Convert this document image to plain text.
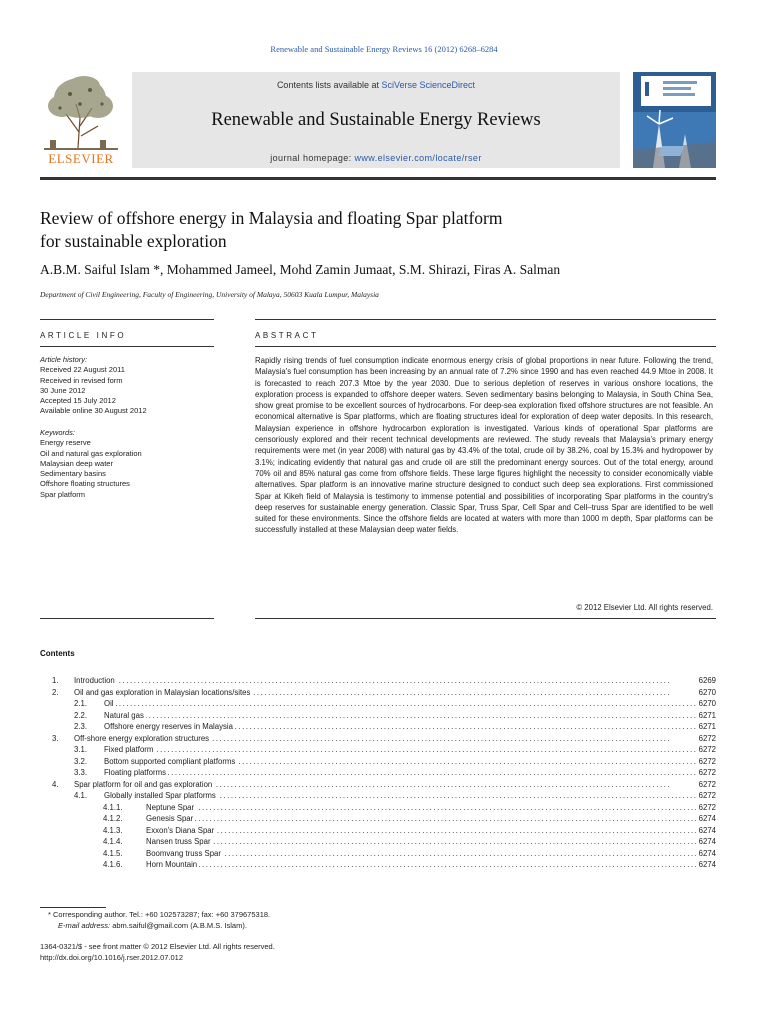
Renewable and Sustainable Energy Reviews 16 (2012) 6268–6284
ELSEVIER
Contents lists available at SciVerse ScienceDirect
Renewable and Sustainable Energy Reviews
journal homepage: www.elsevier.com/locate/rser
Review of offshore energy in Malaysia and floating Spar platform
for sustainable exploration
A.B.M. Saiful Islam *, Mohammed Jameel, Mohd Zamin Jumaat, S.M. Shirazi, Firas A. Salman
Department of Civil Engineering, Faculty of Engineering, University of Malaya, 50603 Kuala Lumpur, Malaysia
ARTICLE INFO	ABSTRACT
Article history:
Received 22 August 2011
Received in revised form
30 June 2012
Accepted 15 July 2012
Available online 30 August 2012
Keywords:
Energy reserve
Oil and natural gas exploration
Malaysian deep water
Sedimentary basins
Offshore floating structures
Spar platform
Rapidly rising trends of fuel consumption indicate enormous energy crisis of global proportions in near future. Following the trend, Malaysia's fuel consumption has been increasing by an annual rate of 7.2% since 1990 and has even reached 44.9 Mtoe in 2008. It is forecasted to reach 207.3 Mtoe by the year 2030. Due to serious depletion of reserves in various onshore locations, the exploration process is expanded to offshore deeper waters. Seven sedimentary basins belonging to Malaysia, in South China Sea, show great promise to be excellent sources of hydrocarbons. For deep-sea exploration fixed offshore structures are not feasible. An economical alternative is Spar platforms, which are floating structures ideal for exploration of deep water deposits. In this research, Malaysian experience in offshore hydrocarbon exploration is investigated. Various kinds of operational Spar platforms are censoriously explored and their recent technical developments are reviewed. The study reveals that Malaysia's primary energy requirements were met (in year 2008) with natural gas by 43.4% of the total, crude oil by 38.2%, coal by 15.3% and hydropower by 3.1%; indicating evidently that natural gas and crude oil are still the predominant energy sources. Out of the total energy, around 70% oil and 85% natural gas come from offshore fields. These large figures highlight the necessity to consider economically viable alternatives. Spar platform is an innovative marine structure designed to conduct such deep sea explorations. First commissioned Spar at Kikeh field of Malaysia is testimony to immense potential and possibilities of incorporating Spar platforms in the country's deep reserves for sustainable energy generation. Classic Spar, Truss Spar, Cell Spar and Cell–truss Spar are identified to be well suited for these environments. Since the offshore fields are located at waters with more than 1000 m depth, Spar platforms can be successfully installed at these Malaysian deep water fields.
© 2012 Elsevier Ltd. All rights reserved.
Contents
1. Introduction . . .	6269
2. Oil and gas exploration in Malaysian locations/sites . . .	6270
2.1. Oil . . .	6270
2.2. Natural gas . . .	6271
2.3. Offshore energy reserves in Malaysia . . .	6271
3. Off-shore energy exploration structures . . .	6272
3.1. Fixed platform . . .	6272
3.2. Bottom supported compliant platforms . . .	6272
3.3. Floating platforms . . .	6272
4. Spar platform for oil and gas exploration . . .	6272
4.1. Globally installed Spar platforms . . .	6272
4.1.1.	Neptune Spar . . .	6272
4.1.2.	Genesis Spar . . .	6274
4.1.3.	Exxon's Diana Spar . . .	6274
4.1.4.	Nansen truss Spar . . .	6274
4.1.5.	Boomvang truss Spar . . .	6274
4.1.6.	Horn Mountain . . .	6274
* Corresponding author. Tel.: +60 102573287; fax: +60 379675318.
E-mail address: abm.saiful@gmail.com (A.B.M.S. Islam).
1364-0321/$ - see front matter © 2012 Elsevier Ltd. All rights reserved.
http://dx.doi.org/10.1016/j.rser.2012.07.012
